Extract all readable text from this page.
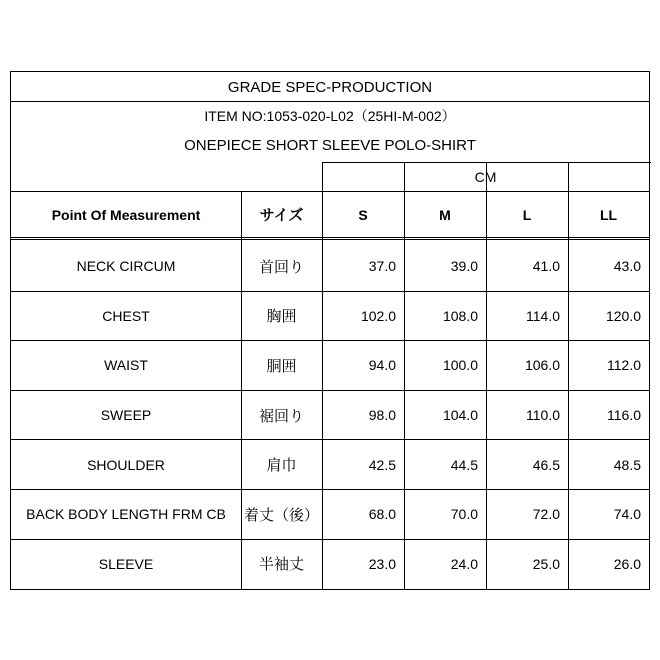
GRADE SPEC-PRODUCTION
ITEM NO:1053-020-L02（25HI-M-002）
ONEPIECE SHORT SLEEVE POLO-SHIRT
CM
Point Of Measurement	サイズ	S	M	L	LL
NECK CIRCUM	首回り	37.0	39.0	41.0	43.0
CHEST	胸囲	102.0	108.0	114.0	120.0
WAIST	胴囲	94.0	100.0	106.0	112.0
SWEEP	裾回り	98.0	104.0	110.0	116.0
SHOULDER	肩巾	42.5	44.5	46.5	48.5
BACK BODY LENGTH FRM CB	着丈（後）	68.0	70.0	72.0	74.0
SLEEVE	半袖丈	23.0	24.0	25.0	26.0
